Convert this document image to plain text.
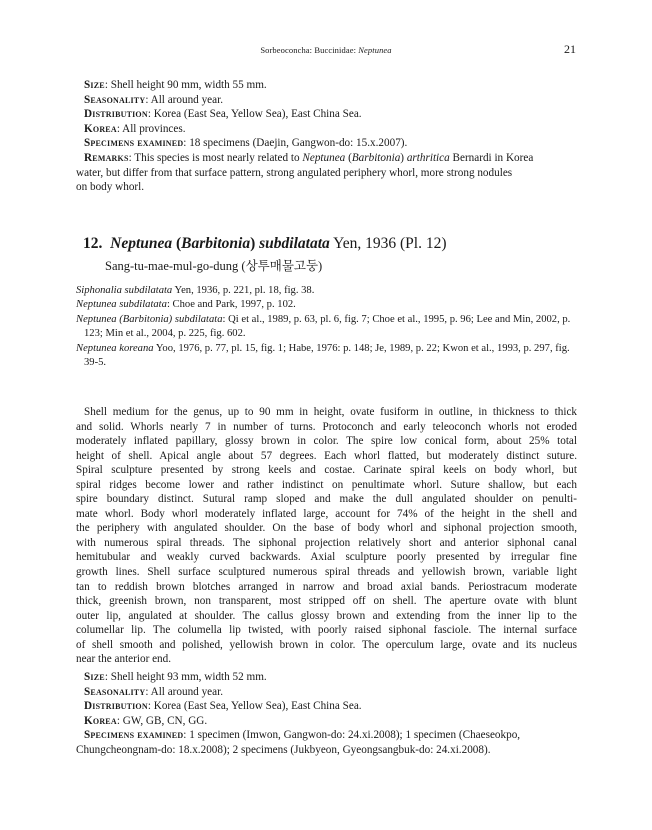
Sorbeoconcha: Buccinidae: Neptunea	21
Size: Shell height 90 mm, width 55 mm.
Seasonality: All around year.
Distribution: Korea (East Sea, Yellow Sea), East China Sea.
Korea: All provinces.
Specimens examined: 18 specimens (Daejin, Gangwon-do: 15.x.2007).
Remarks: This species is most nearly related to Neptunea (Barbitonia) arthritica Bernardi in Korea
water, but differ from that surface pattern, strong angulated periphery whorl, more strong nodules
on body whorl.
12. Neptunea (Barbitonia) subdilatata Yen, 1936 (Pl. 12)
Sang-tu-mae-mul-go-dung (상투매물고둥)

Siphonalia subdilatata Yen, 1936, p. 221, pl. 18, fig. 38.

Neptunea subdilatata: Choe and Park, 1997, p. 102.

Neptunea (Barbitonia) subdilatata: Qi et al., 1989, p. 63, pl. 6, fig. 7; Choe et al., 1995, p. 96; Lee and Min, 2002, p. 123; Min et al., 2004, p. 225, fig. 602.

Neptunea koreana Yoo, 1976, p. 77, pl. 15, fig. 1; Habe, 1976: p. 148; Je, 1989, p. 22; Kwon et al., 1993, p. 297, fig. 39-5.

Shell medium for the genus, up to 90 mm in height, ovate fusiform in outline, in thickness to thick
and solid. Whorls nearly 7 in number of turns. Protoconch and early teleoconch whorls not eroded
moderately inflated papillary, glossy brown in color. The spire low conical form, about 25% total
height of shell. Apical angle about 57 degrees. Each whorl flatted, but moderately distinct suture.
Spiral sculpture presented by strong keels and costae. Carinate spiral keels on body whorl, but
spiral ridges become lower and rather indistinct on penultimate whorl. Suture shallow, but each
spire boundary distinct. Sutural ramp sloped and make the dull angulated shoulder on penulti-
mate whorl. Body whorl moderately inflated large, account for 74% of the height in the shell and
the periphery with angulated shoulder. On the base of body whorl and siphonal projection smooth,
with numerous spiral threads. The siphonal projection relatively short and anterior siphonal canal
hemitubular and weakly curved backwards. Axial sculpture poorly presented by irregular fine
growth lines. Shell surface sculptured numerous spiral threads and yellowish brown, variable light
tan to reddish brown blotches arranged in narrow and broad axial bands. Periostracum moderate
thick, greenish brown, non transparent, most stripped off on shell. The aperture ovate with blunt
outer lip, angulated at shoulder. The callus glossy brown and extending from the inner lip to the
columellar lip. The columella lip twisted, with poorly raised siphonal fasciole. The internal surface
of shell smooth and polished, yellowish brown in color. The operculum large, ovate and its nucleus
near the anterior end.
Size: Shell height 93 mm, width 52 mm.
Seasonality: All around year.
Distribution: Korea (East Sea, Yellow Sea), East China Sea.
Korea: GW, GB, CN, GG.
Specimens examined: 1 specimen (Imwon, Gangwon-do: 24.xi.2008); 1 specimen (Chaeseokpo,
Chungcheongnam-do: 18.x.2008); 2 specimens (Jukbyeon, Gyeongsangbuk-do: 24.xi.2008).
